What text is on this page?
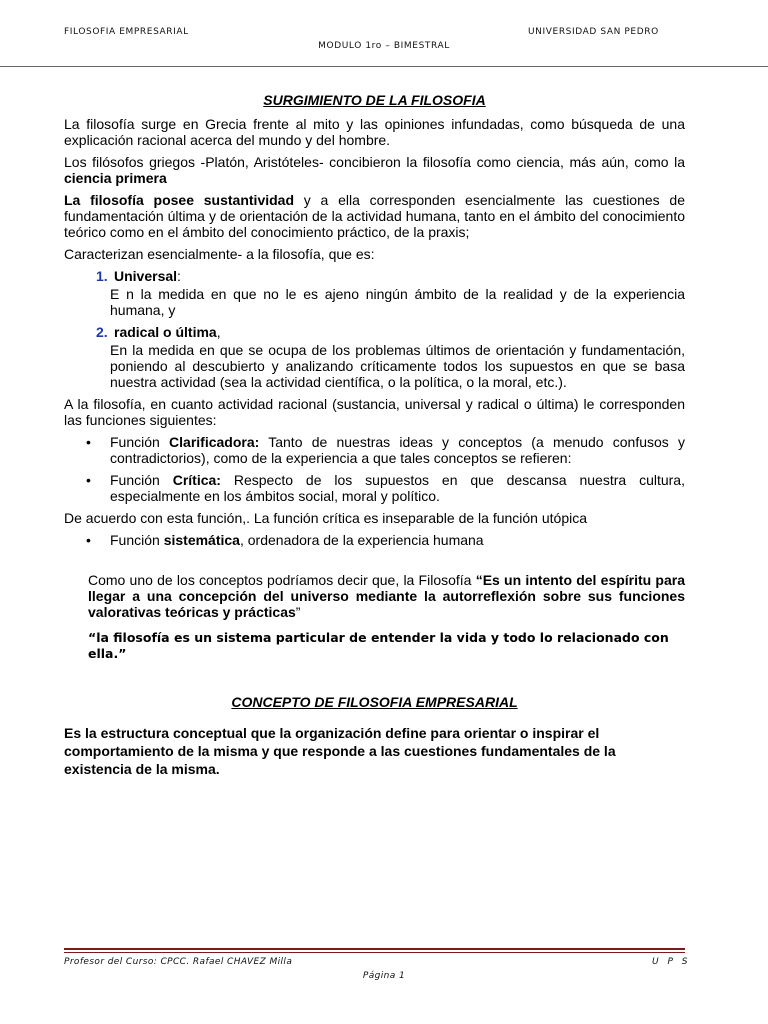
FILOSOFIA EMPRESARIAL	UNIVERSIDAD SAN PEDRO
MODULO 1ro – BIMESTRAL
SURGIMIENTO DE LA FILOSOFIA

La filosofía surge en Grecia frente al mito y las opiniones infundadas, como búsqueda de una explicación racional acerca del mundo y del hombre.

Los filósofos griegos -Platón, Aristóteles- concibieron la filosofía como ciencia, más aún, como la ciencia primera

La filosofía posee sustantividad y a ella corresponden esencialmente las cuestiones de fundamentación última y de orientación de la actividad humana, tanto en el ámbito del conocimiento teórico como en el ámbito del conocimiento práctico, de la praxis;

Caracterizan esencialmente- a la filosofía, que es:

1. Universal:

E n la medida en que no le es ajeno ningún ámbito de la realidad y de la experiencia humana, y

2. radical o última,

En la medida en que se ocupa de los problemas últimos de orientación y fundamentación, poniendo al descubierto y analizando críticamente todos los supuestos en que se basa nuestra actividad (sea la actividad científica, o la política, o la moral, etc.).

A la filosofía, en cuanto actividad racional (sustancia, universal y radical o última) le corresponden las funciones siguientes:

•	Función Clarificadora: Tanto de nuestras ideas y conceptos (a menudo confusos y contradictorios), como de la experiencia a que tales conceptos se refieren:
•	Función Crítica: Respecto de los supuestos en que descansa nuestra cultura, especialmente en los ámbitos social, moral y político.

De acuerdo con esta función,. La función crítica es inseparable de la función utópica

•	Función sistemática, ordenadora de la experiencia humana

Como uno de los conceptos podríamos decir que, la Filosofía “Es un intento del espíritu para llegar a una concepción del universo mediante la autorreflexión sobre sus funciones valorativas teóricas y prácticas”

“la filosofía es un sistema particular de entender la vida y todo lo relacionado con ella.”
CONCEPTO DE FILOSOFIA EMPRESARIAL

Es la estructura conceptual que la organización define para orientar o inspirar el comportamiento de la misma y que responde a las cuestiones fundamentales de la existencia de la misma.

Profesor del Curso: CPCC. Rafael CHAVEZ Milla	U P S
Página 1
